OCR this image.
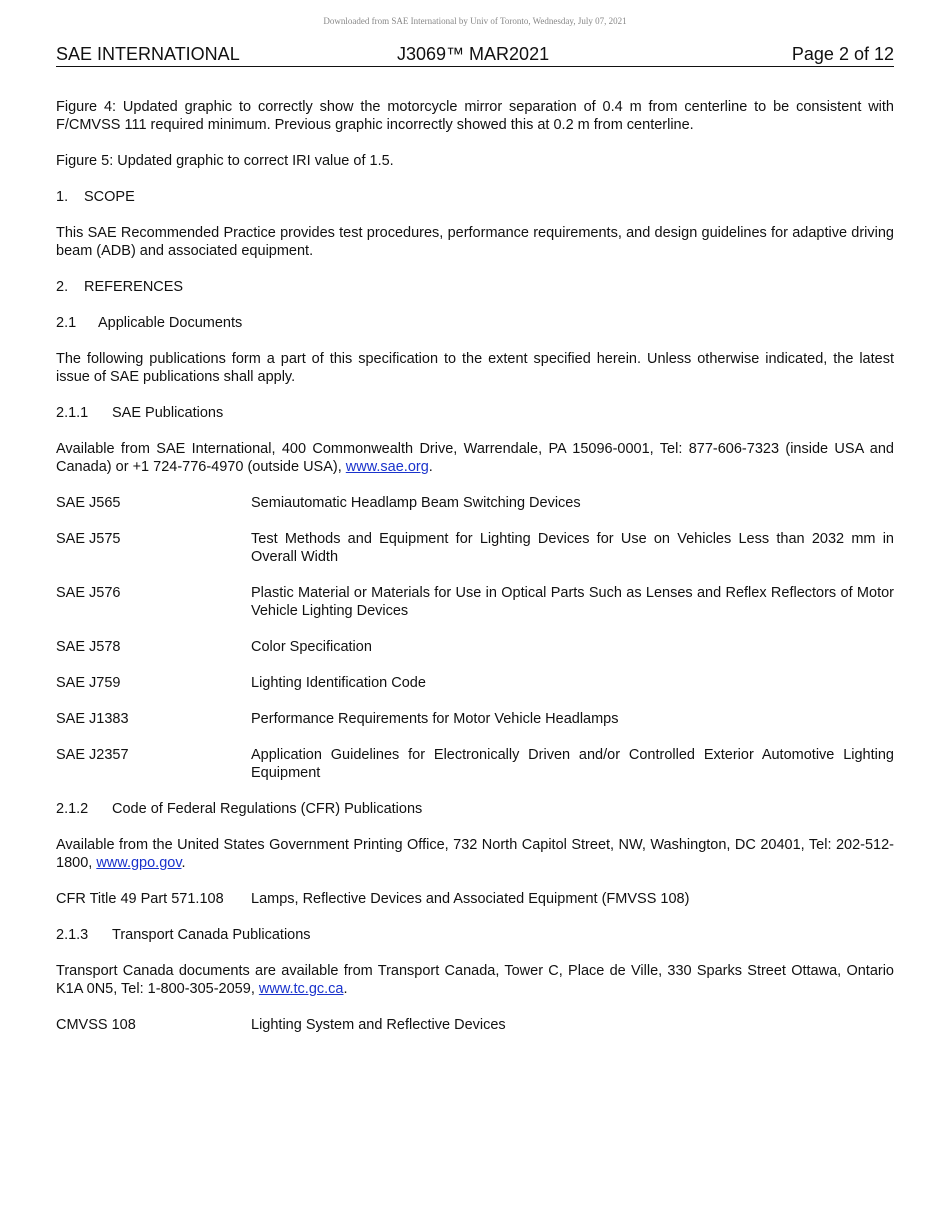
Downloaded from SAE International by Univ of Toronto, Wednesday, July 07, 2021
SAE INTERNATIONAL	J3069™ MAR2021	Page 2 of 12

Figure 4: Updated graphic to correctly show the motorcycle mirror separation of 0.4 m from centerline to be consistent with F/CMVSS 111 required minimum. Previous graphic incorrectly showed this at 0.2 m from centerline.

Figure 5: Updated graphic to correct IRI value of 1.5.

1. SCOPE

This SAE Recommended Practice provides test procedures, performance requirements, and design guidelines for adaptive driving beam (ADB) and associated equipment.

2. REFERENCES
2.1 Applicable Documents

The following publications form a part of this specification to the extent specified herein. Unless otherwise indicated, the latest issue of SAE publications shall apply.

2.1.1 SAE Publications

Available from SAE International, 400 Commonwealth Drive, Warrendale, PA 15096-0001, Tel: 877-606-7323 (inside USA and Canada) or +1 724-776-4970 (outside USA), www.sae.org.

SAE J565	Semiautomatic Headlamp Beam Switching Devices
SAE J575	Test Methods and Equipment for Lighting Devices for Use on Vehicles Less than 2032 mm in Overall Width
SAE J576	Plastic Material or Materials for Use in Optical Parts Such as Lenses and Reflex Reflectors of Motor Vehicle Lighting Devices
SAE J578	Color Specification
SAE J759	Lighting Identification Code
SAE J1383	Performance Requirements for Motor Vehicle Headlamps
SAE J2357	Application Guidelines for Electronically Driven and/or Controlled Exterior Automotive Lighting Equipment
2.1.2 Code of Federal Regulations (CFR) Publications

Available from the United States Government Printing Office, 732 North Capitol Street, NW, Washington, DC 20401, Tel: 202-512-1800, www.gpo.gov.

CFR Title 49 Part 571.108	Lamps, Reflective Devices and Associated Equipment (FMVSS 108)
2.1.3 Transport Canada Publications

Transport Canada documents are available from Transport Canada, Tower C, Place de Ville, 330 Sparks Street Ottawa, Ontario K1A 0N5, Tel: 1-800-305-2059, www.tc.gc.ca.

CMVSS 108	Lighting System and Reflective Devices
